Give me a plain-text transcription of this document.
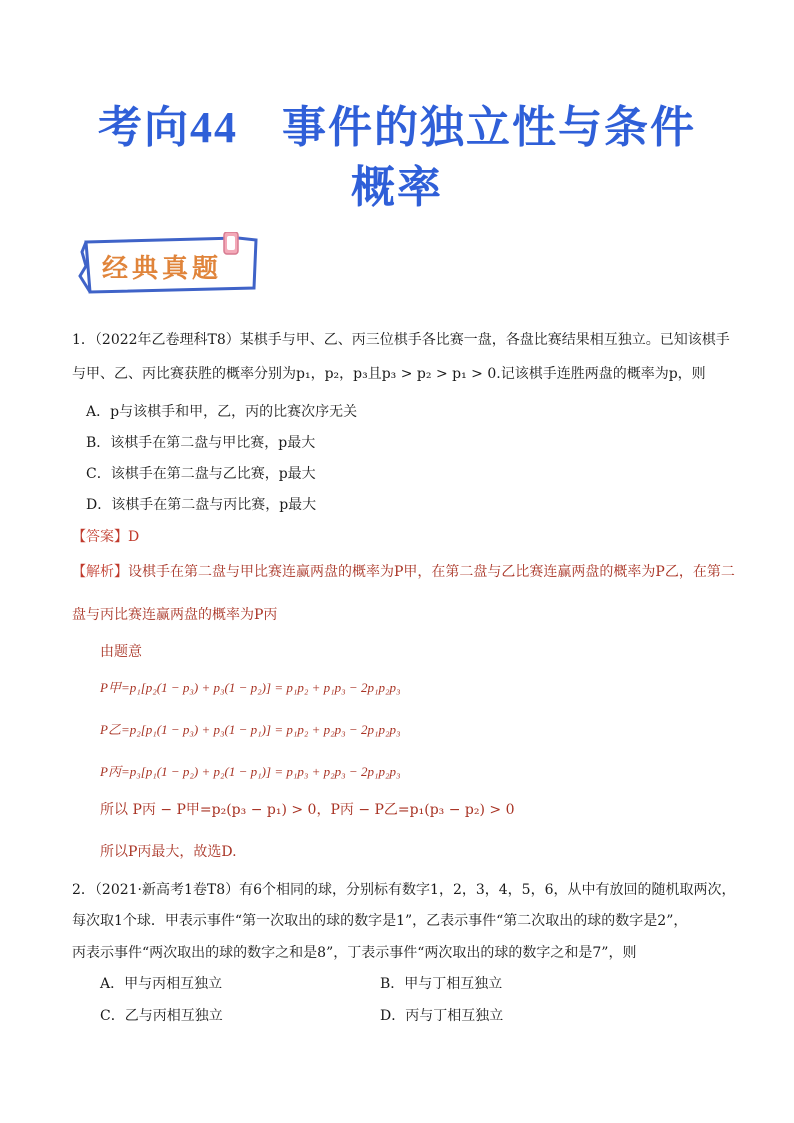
考向44 事件的独立性与条件
概率
经典真题
1．（2022年乙卷理科T8）某棋手与甲、乙、丙三位棋手各比赛一盘，各盘比赛结果相互独立。已知该棋手
与甲、乙、丙比赛获胜的概率分别为p₁，p₂，p₃且p₃ > p₂ > p₁ > 0.记该棋手连胜两盘的概率为p，则
A．p与该棋手和甲，乙，丙的比赛次序无关
B．该棋手在第二盘与甲比赛，p最大
C．该棋手在第二盘与乙比赛，p最大
D．该棋手在第二盘与丙比赛，p最大
【答案】D
【解析】设棋手在第二盘与甲比赛连赢两盘的概率为P甲，在第二盘与乙比赛连赢两盘的概率为P乙，在第二
盘与丙比赛连赢两盘的概率为P丙
由题意
P甲=p₁[p₂(1 − p₃) + p₃(1 − p₂)] = p₁p₂ + p₁p₃ − 2p₁p₂p₃
P乙=p₂[p₁(1 − p₃) + p₃(1 − p₁)] = p₁p₂ + p₂p₃ − 2p₁p₂p₃
P丙=p₃[p₁(1 − p₂) + p₂(1 − p₁)] = p₁p₃ + p₂p₃ − 2p₁p₂p₃
所以 P丙 − P甲=p₂(p₃ − p₁) > 0，P丙 − P乙=p₁(p₃ − p₂) > 0
所以P丙最大，故选D.
2．（2021·新高考1卷T8）有6个相同的球，分别标有数字1，2，3，4，5，6，从中有放回的随机取两次，
每次取1个球．甲表示事件“第一次取出的球的数字是1”，乙表示事件“第二次取出的球的数字是2”，
丙表示事件“两次取出的球的数字之和是8”，丁表示事件“两次取出的球的数字之和是7”，则
A．甲与丙相互独立	B．甲与丁相互独立
C．乙与丙相互独立	D．丙与丁相互独立
